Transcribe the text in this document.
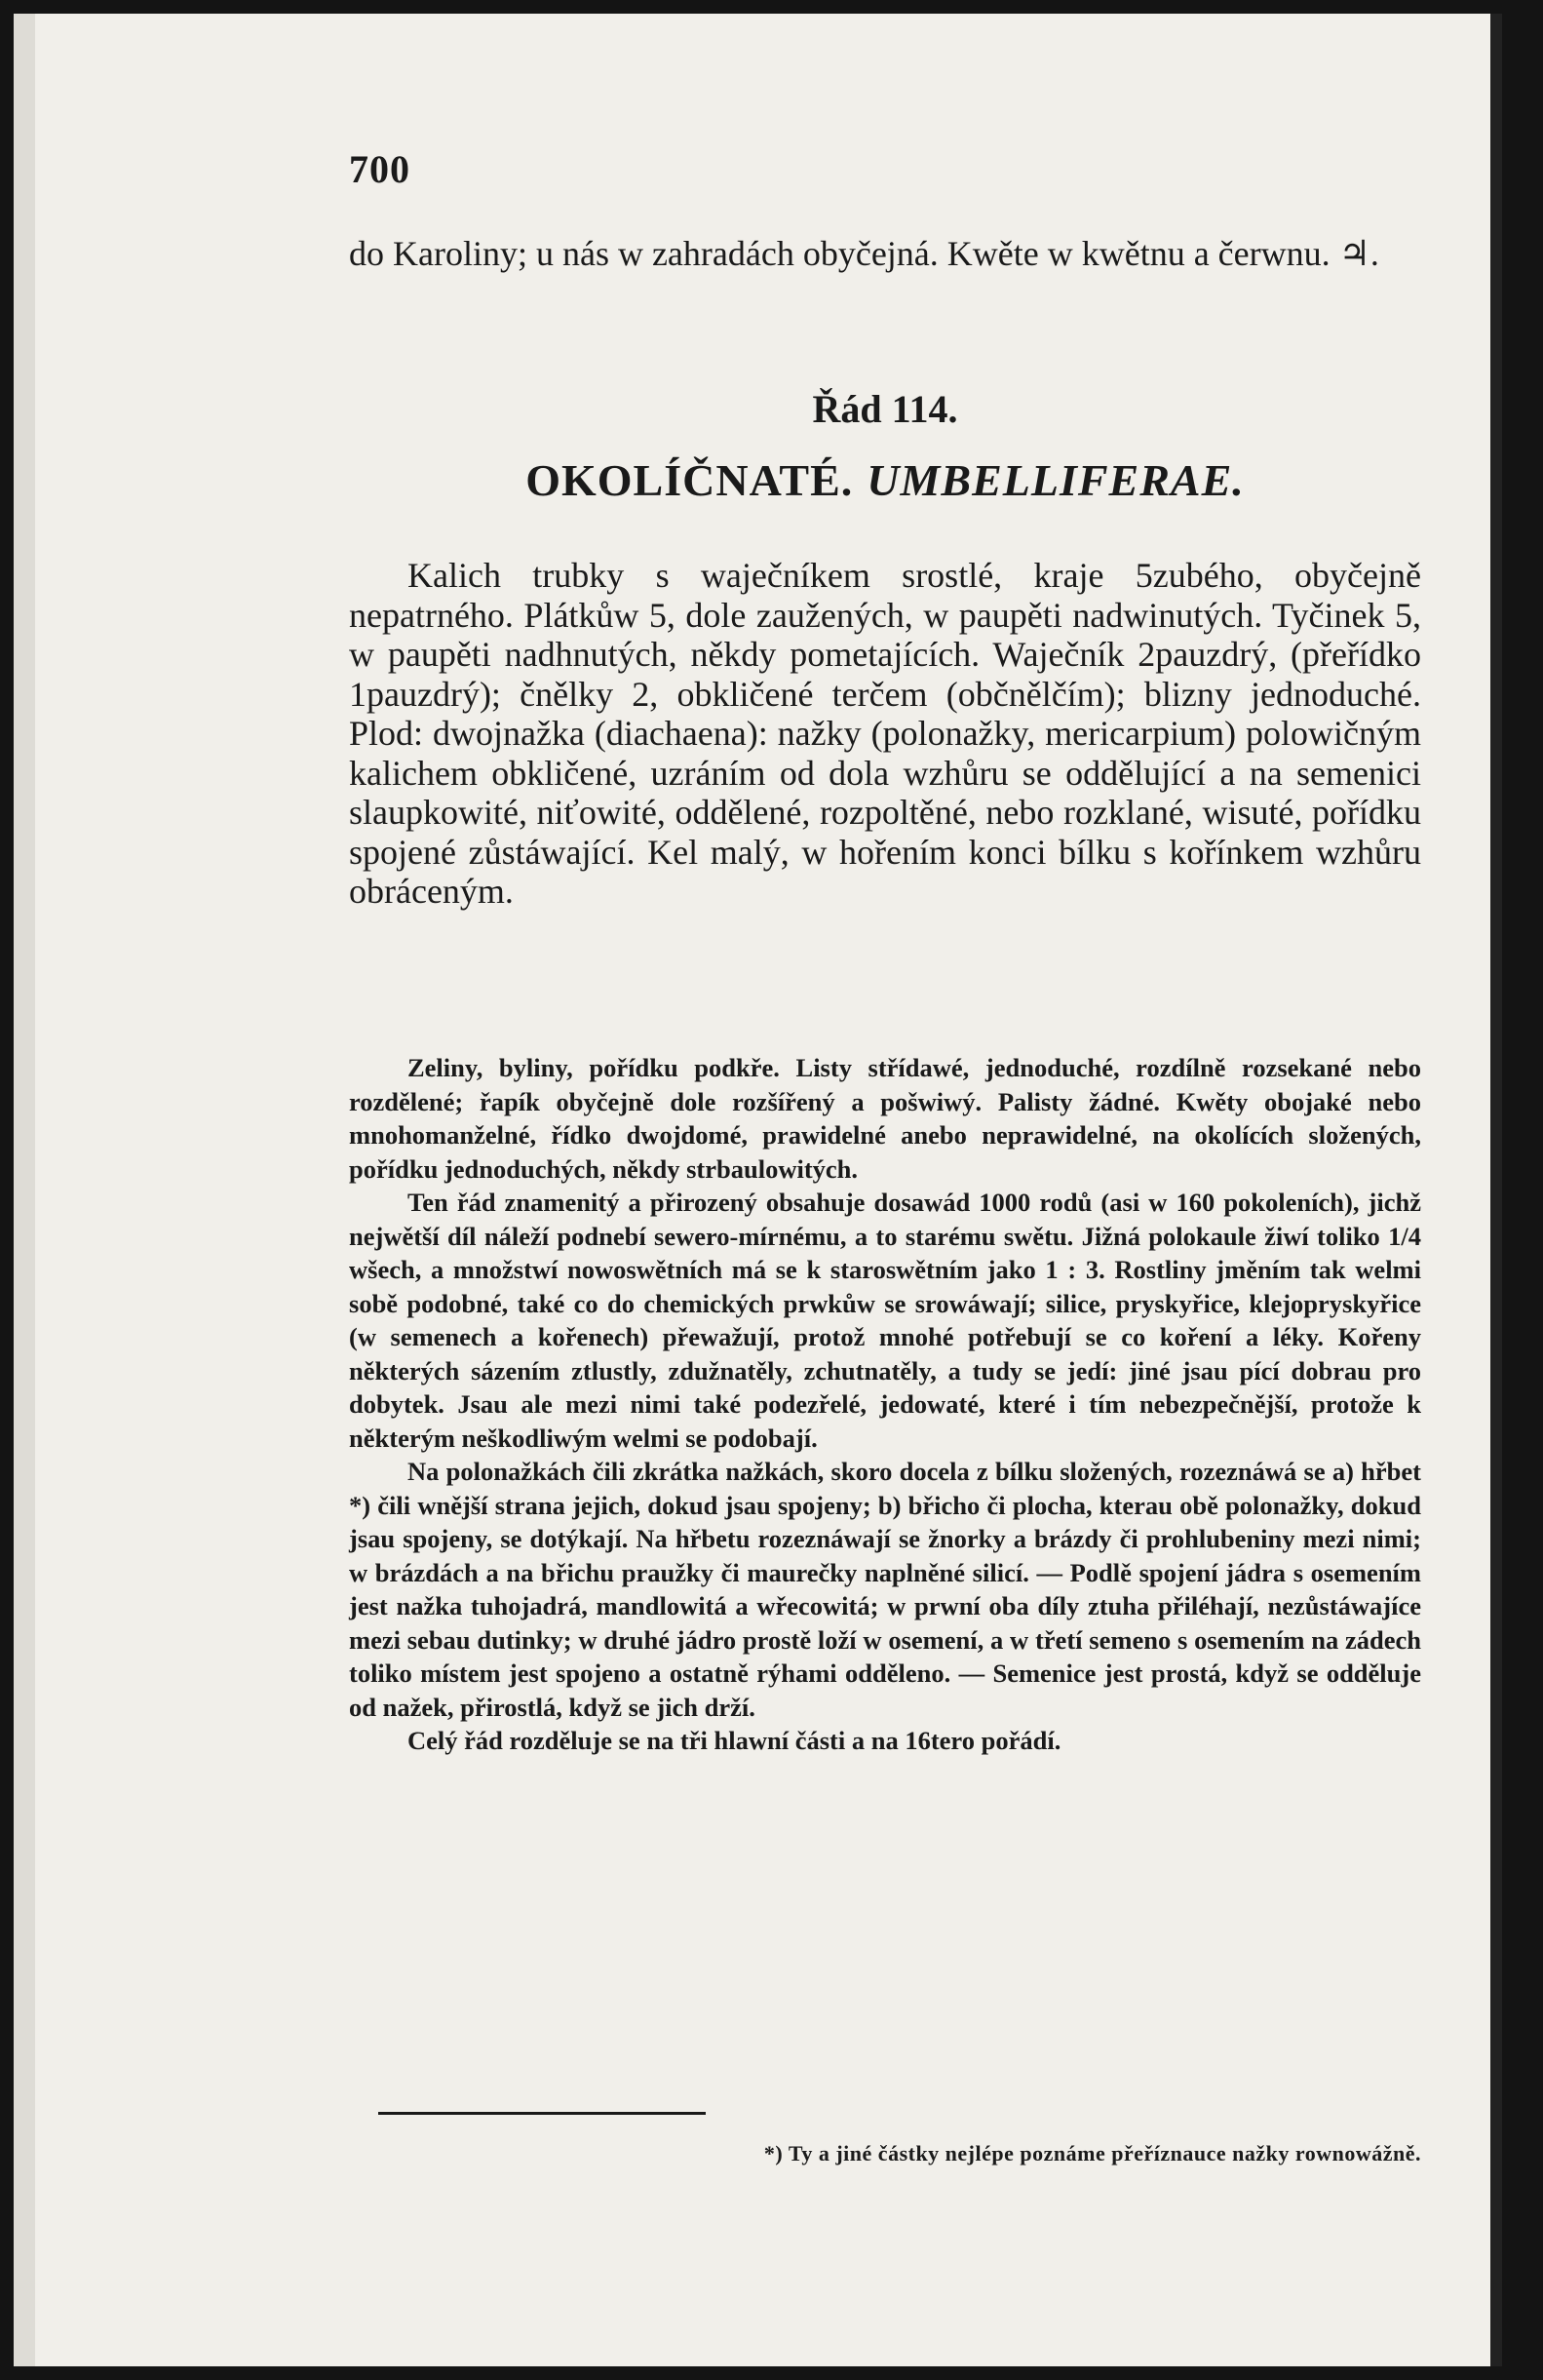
700
do Karoliny; u nás w zahradách obyčejná. Kwěte w kwětnu a čerwnu. ♃.
Řád 114.
OKOLÍČNATÉ. UMBELLIFERAE.
Kalich trubky s waječníkem srostlé, kraje 5zubého, obyčejně nepatrného. Plátkůw 5, dole zaužených, w paupěti nadwinutých. Tyčinek 5, w paupěti nadhnutých, někdy pometajících. Waječník 2pauzdrý, (přeřídko 1pauzdrý); čnělky 2, obkličené terčem (občnělčím); blizny jednoduché. Plod: dwojnažka (diachaena): nažky (polonažky, mericarpium) polowičným kalichem obkličené, uzráním od dola wzhůru se oddělující a na semenici slaupkowité, niťowité, oddělené, rozpoltěné, nebo rozklané, wisuté, pořídku spojené zůstáwající. Kel malý, w hořením konci bílku s kořínkem wzhůru obráceným.

Zeliny, byliny, pořídku podkře. Listy střídawé, jednoduché, rozdílně rozsekané nebo rozdělené; řapík obyčejně dole rozšířený a pošwiwý. Palisty žádné. Kwěty obojaké nebo mnohomanželné, řídko dwojdomé, prawidelné anebo neprawidelné, na okolících složených, pořídku jednoduchých, někdy strbaulowitých.

Ten řád znamenitý a přirozený obsahuje dosawád 1000 rodů (asi w 160 pokoleních), jichž nejwětší díl náleží podnebí sewero-mírnému, a to starému swětu. Jižná polokaule žiwí toliko 1/4 wšech, a množstwí nowoswětních má se k staroswětním jako 1 : 3. Rostliny jměním tak welmi sobě podobné, také co do chemických prwkůw se srowáwají; silice, pryskyřice, klejopryskyřice (w semenech a kořenech) přewažují, protož mnohé potřebují se co koření a léky. Kořeny některých sázením ztlustly, zdužnatěly, zchutnatěly, a tudy se jedí: jiné jsau pící dobrau pro dobytek. Jsau ale mezi nimi také podezřelé, jedowaté, které i tím nebezpečnější, protože k některým neškodliwým welmi se podobají.

Na polonažkách čili zkrátka nažkách, skoro docela z bílku složených, rozeznáwá se a) hřbet *) čili wnější strana jejich, dokud jsau spojeny; b) břicho či plocha, kterau obě polonažky, dokud jsau spojeny, se dotýkají. Na hřbetu rozeznáwají se žnorky a brázdy či prohlubeniny mezi nimi; w brázdách a na břichu praužky či maurečky naplněné silicí. — Podlě spojení jádra s osemením jest nažka tuhojadrá, mandlowitá a wřecowitá; w prwní oba díly ztuha přiléhají, nezůstáwajíce mezi sebau dutinky; w druhé jádro prostě loží w osemení, a w třetí semeno s osemením na zádech toliko místem jest spojeno a ostatně rýhami odděleno. — Semenice jest prostá, když se odděluje od nažek, přirostlá, když se jich drží.

Celý řád rozděluje se na tři hlawní části a na 16tero pořádí.

*) Ty a jiné částky nejlépe poznáme přeříznauce nažky rownowážně.
